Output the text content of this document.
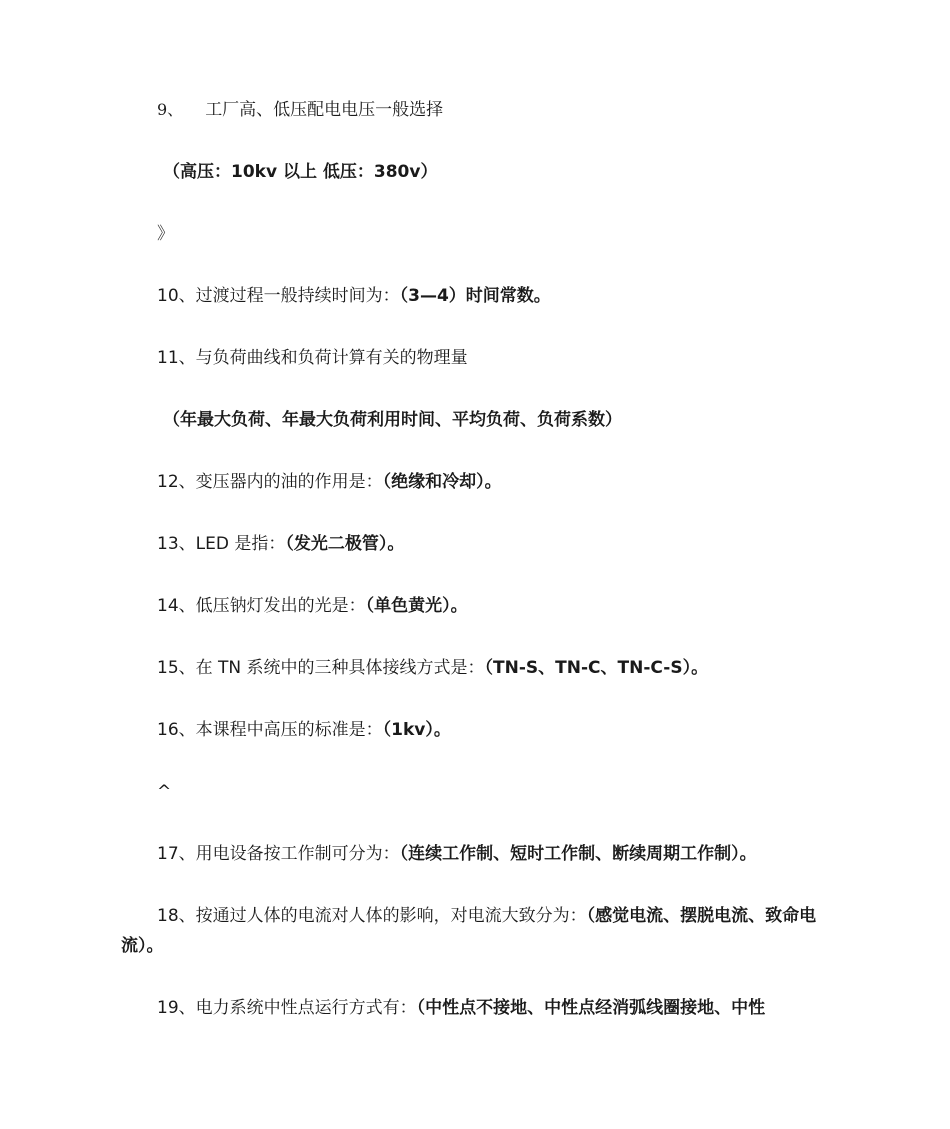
9、 工厂高、低压配电电压一般选择
（高压：10kv 以上 低压：380v）
》
10、过渡过程一般持续时间为：（3—4）时间常数。
11、与负荷曲线和负荷计算有关的物理量
（年最大负荷、年最大负荷利用时间、平均负荷、负荷系数）
12、变压器内的油的作用是：（绝缘和冷却）。
13、LED 是指：（发光二极管）。
14、低压钠灯发出的光是：（单色黄光）。
15、在 TN 系统中的三种具体接线方式是：（TN-S、TN-C、TN-C-S）。
16、本课程中高压的标准是：（1kv）。
^
17、用电设备按工作制可分为：（连续工作制、短时工作制、断续周期工作制）。
18、按通过人体的电流对人体的影响，对电流大致分为：（感觉电流、摆脱电流、致命电流）。
19、电力系统中性点运行方式有：（中性点不接地、中性点经消弧线圈接地、中性
